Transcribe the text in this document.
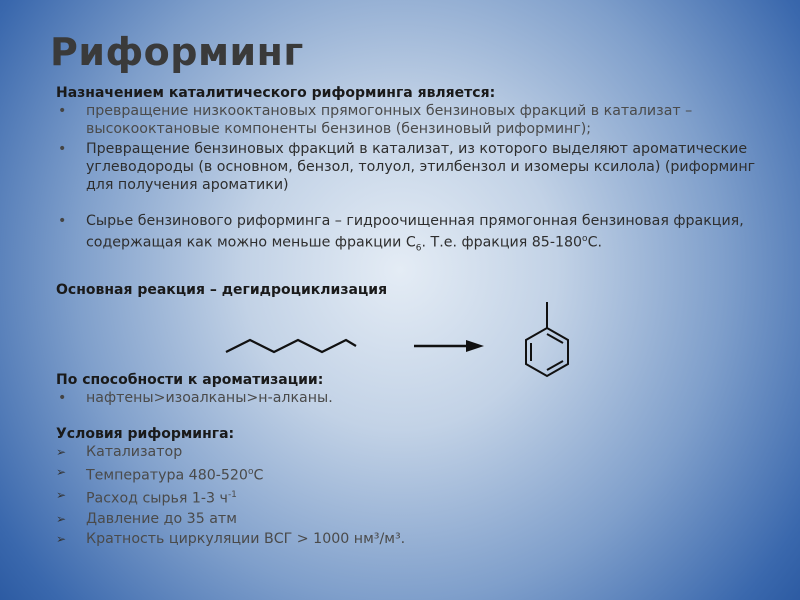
Риформинг

Назначением каталитического риформинга является:

• превращение низкооктановых прямогонных бензиновых фракций в катализат – высокооктановые компоненты бензинов (бензиновый риформинг);
• Превращение бензиновых фракций в катализат, из которого выделяют ароматические углеводороды (в основном, бензол, толуол, этилбензол и изомеры ксилола) (риформинг для получения ароматики)
• Сырье бензинового риформинга – гидроочищенная прямогонная бензиновая фракция, содержащая как можно меньше фракции $С_6$. Т.е. фракция $85-180^оС$.

Основная реакция – дегидроциклизация

По способности к ароматизации:

• нафтены>изоалканы>н-алканы.

Условия риформинга:

➢ Катализатор
➢ Температура $480-520^оС$
➢ Расход сырья 1-3 $ч^{-1}$
➢ Давление до 35 атм
➢ Кратность циркуляции ВСГ > 1000 нм³/м³.
